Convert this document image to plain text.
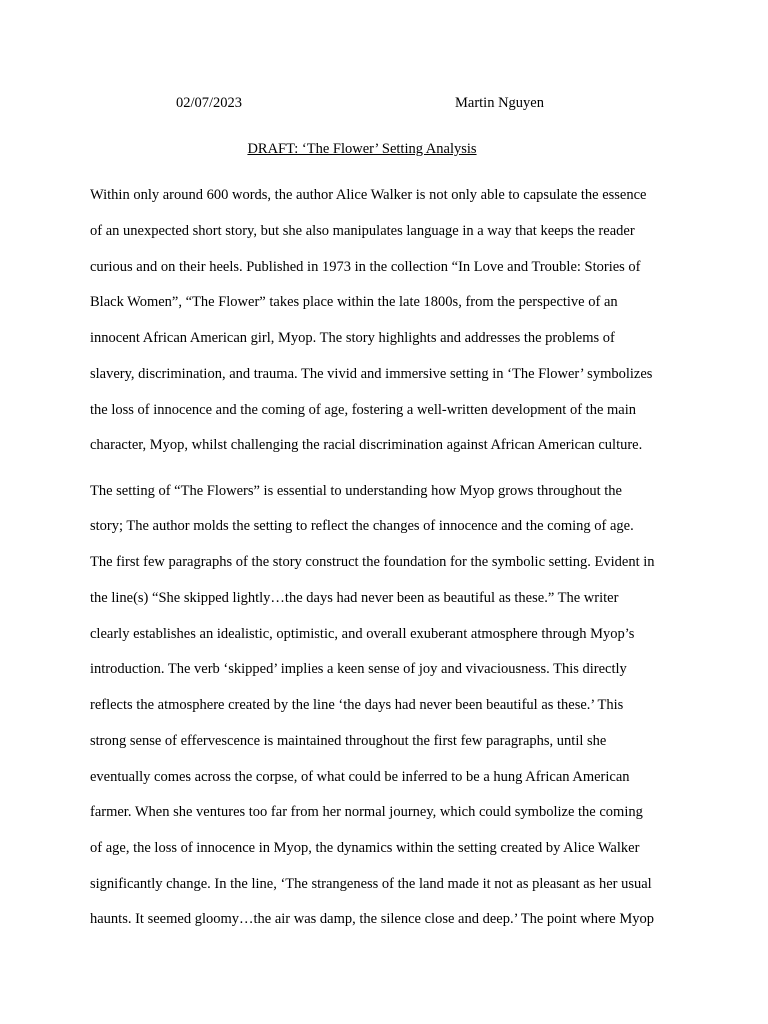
02/07/2023	Martin Nguyen
DRAFT: ‘The Flower’ Setting Analysis
Within only around 600 words, the author Alice Walker is not only able to capsulate the essence
of an unexpected short story, but she also manipulates language in a way that keeps the reader
curious and on their heels. Published in 1973 in the collection “In Love and Trouble: Stories of
Black Women”, “The Flower” takes place within the late 1800s, from the perspective of an
innocent African American girl, Myop. The story highlights and addresses the problems of
slavery, discrimination, and trauma. The vivid and immersive setting in ‘The Flower’ symbolizes
the loss of innocence and the coming of age, fostering a well-written development of the main
character, Myop, whilst challenging the racial discrimination against African American culture.
The setting of “The Flowers” is essential to understanding how Myop grows throughout the
story; The author molds the setting to reflect the changes of innocence and the coming of age.
The first few paragraphs of the story construct the foundation for the symbolic setting. Evident in
the line(s) “She skipped lightly…the days had never been as beautiful as these.” The writer
clearly establishes an idealistic, optimistic, and overall exuberant atmosphere through Myop’s
introduction. The verb ‘skipped’ implies a keen sense of joy and vivaciousness. This directly
reflects the atmosphere created by the line ‘the days had never been beautiful as these.’ This
strong sense of effervescence is maintained throughout the first few paragraphs, until she
eventually comes across the corpse, of what could be inferred to be a hung African American
farmer. When she ventures too far from her normal journey, which could symbolize the coming
of age, the loss of innocence in Myop, the dynamics within the setting created by Alice Walker
significantly change. In the line, ‘The strangeness of the land made it not as pleasant as her usual
haunts. It seemed gloomy…the air was damp, the silence close and deep.’ The point where Myop
